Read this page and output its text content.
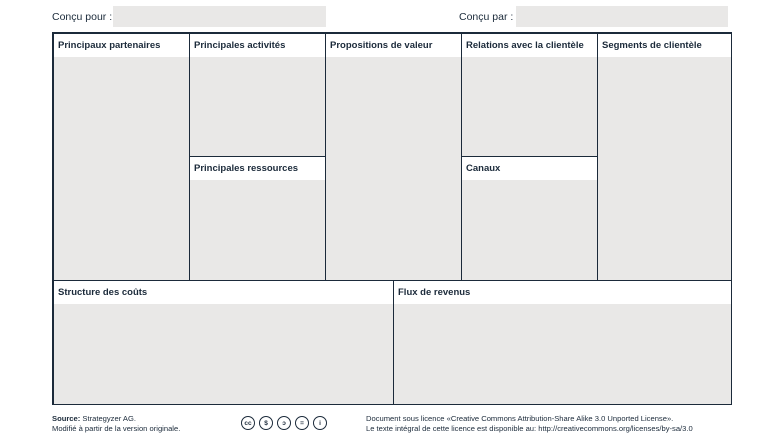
Conçu pour :	Conçu par :
Principaux partenaires	Principales activités
Principales ressources
Propositions de valeur	Relations avec la clientèle
Canaux
Segments de clientèle
Structure des coûts	Flux de revenus
Source: Strategyzer AG.
Modifié à partir de la version originale.
cc	$	ↄ	=	i	Document sous licence «Creative Commons Attribution-Share Alike 3.0 Unported License».
Le texte intégral de cette licence est disponible au: http://creativecommons.org/licenses/by-sa/3.0
